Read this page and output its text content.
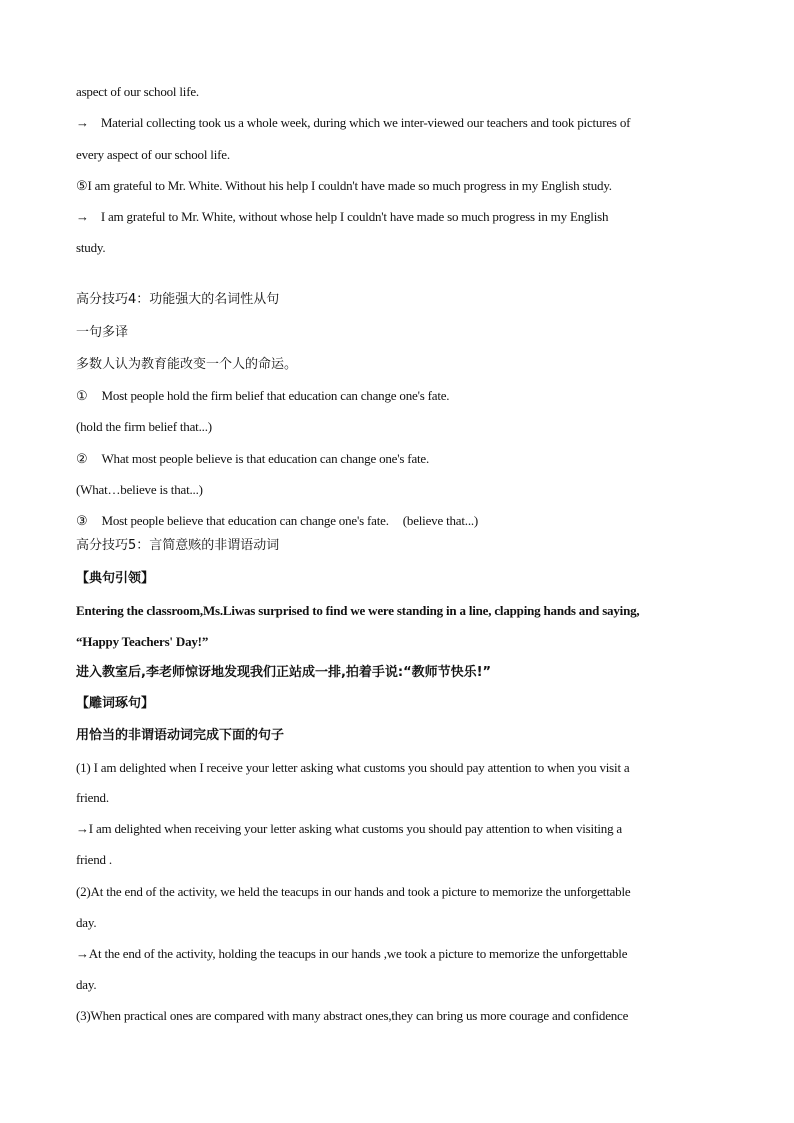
aspect of our school life.
→ Material collecting took us a whole week, during which we inter-viewed our teachers and took pictures of
every aspect of our school life.
⑤I am grateful to Mr. White. Without his help I couldn't have made so much progress in my English study.
→ I am grateful to Mr. White, without whose help I couldn't have made so much progress in my English
study.
高分技巧4：功能强大的名词性从句
一句多译
多数人认为教育能改变一个人的命运。
① Most people hold the firm belief that education can change one's fate.
(hold the firm belief that...)
② What most people believe is that education can change one's fate.
(What…believe is that...)
③ Most people believe that education can change one's fate. (believe that...)
高分技巧5：言简意赅的非谓语动词
【典句引领】
Entering the classroom,Ms.Liwas surprised to find we were standing in a line, clapping hands and saying,
“Happy Teachers' Day!”
进入教室后,李老师惊讶地发现我们正站成一排,拍着手说:“教师节快乐!”
【雕词琢句】
用恰当的非谓语动词完成下面的句子
(1) I am delighted when I receive your letter asking what customs you should pay attention to when you visit a
friend.
→I am delighted when receiving your letter asking what customs you should pay attention to when visiting a
friend .
(2)At the end of the activity, we held the teacups in our hands and took a picture to memorize the unforgettable
day.
→At the end of the activity, holding the teacups in our hands ,we took a picture to memorize the unforgettable
day.
(3)When practical ones are compared with many abstract ones,they can bring us more courage and confidence
